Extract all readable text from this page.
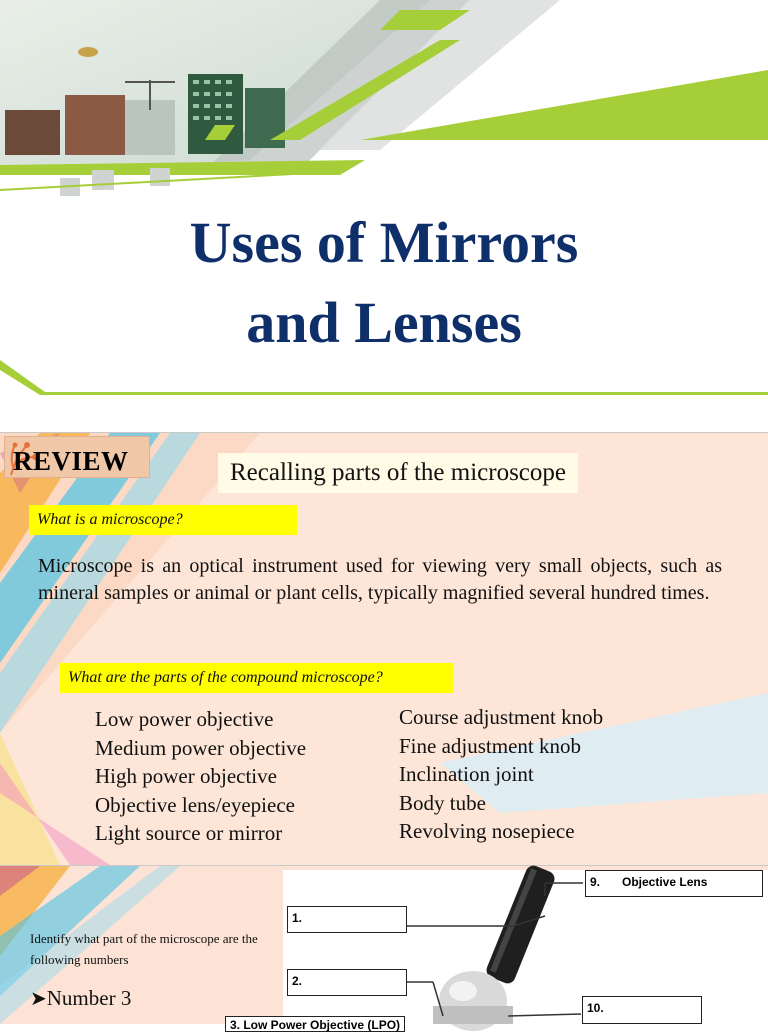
Uses of Mirrors
and Lenses
REVIEW	Recalling parts of the microscope
What is a microscope?
Microscope is an optical instrument used for viewing very small objects, such as mineral samples or animal or plant cells, typically magnified several hundred times.
What are the parts of the compound microscope?
Low power objective
Medium power objective
High power objective
Objective lens/eyepiece
Light source or mirror
Course adjustment knob
Fine adjustment knob
Inclination joint
Body tube
Revolving nosepiece
Identify what part of the microscope are the following numbers
➤Number 3
1.
2.
9. Objective Lens
10.
3. Low Power Objective (LPO)
